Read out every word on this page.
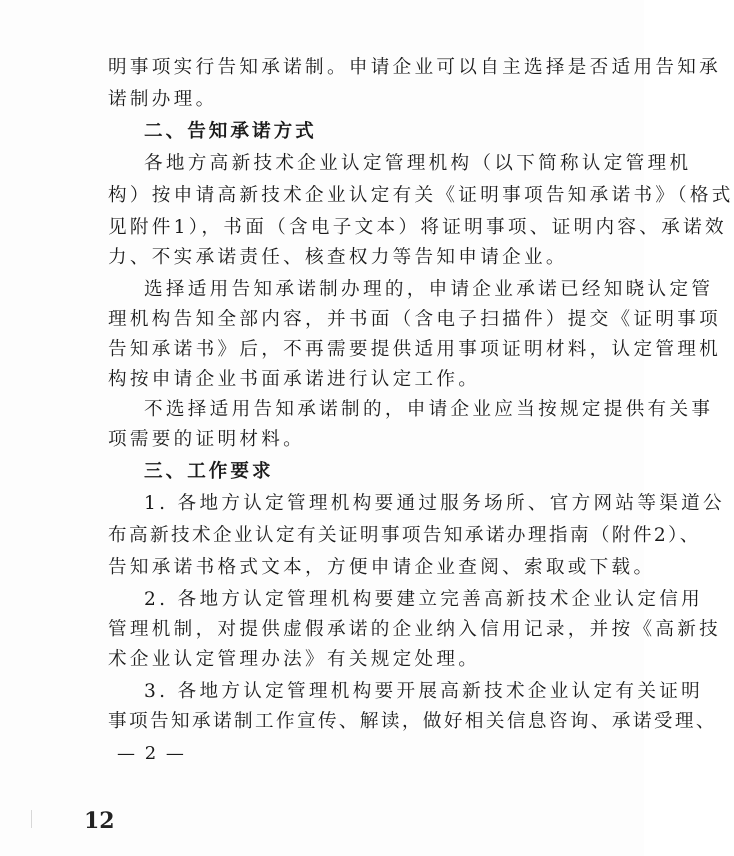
明事项实行告知承诺制。申请企业可以自主选择是否适用告知承
诺制办理。
二、告知承诺方式
各地方高新技术企业认定管理机构（以下简称认定管理机
构）按申请高新技术企业认定有关《证明事项告知承诺书》（格式
见附件1），书面（含电子文本）将证明事项、证明内容、承诺效
力、不实承诺责任、核查权力等告知申请企业。
选择适用告知承诺制办理的，申请企业承诺已经知晓认定管
理机构告知全部内容，并书面（含电子扫描件）提交《证明事项
告知承诺书》后，不再需要提供适用事项证明材料，认定管理机
构按申请企业书面承诺进行认定工作。
不选择适用告知承诺制的，申请企业应当按规定提供有关事
项需要的证明材料。
三、工作要求
1. 各地方认定管理机构要通过服务场所、官方网站等渠道公
布高新技术企业认定有关证明事项告知承诺办理指南（附件2）、
告知承诺书格式文本，方便申请企业查阅、索取或下载。
2. 各地方认定管理机构要建立完善高新技术企业认定信用
管理机制，对提供虚假承诺的企业纳入信用记录，并按《高新技
术企业认定管理办法》有关规定处理。
3. 各地方认定管理机构要开展高新技术企业认定有关证明
事项告知承诺制工作宣传、解读，做好相关信息咨询、承诺受理、
— 2 —
12
